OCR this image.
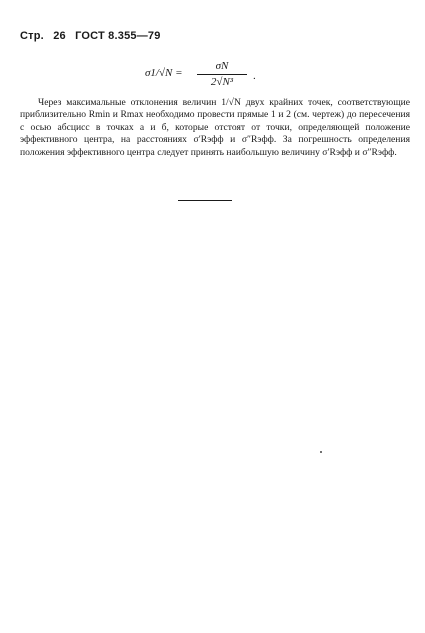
Стр. 26 ГОСТ 8.355—79
σ1/√N =
σN
2√N³	.

Через максимальные отклонения величин 1/√N двух крайних точек, соответствующие приблизительно Rmin и Rmax необходимо провести прямые 1 и 2 (см. чертеж) до пересечения с осью абсцисс в точках a и б, которые отстоят от точки, определяющей положение эффективного центра, на расстояниях σ′Rэфф и σ″Rэфф. За погрешность определения положения эффективного центра следует принять наибольшую величину σ′Rэфф и σ″Rэфф.
